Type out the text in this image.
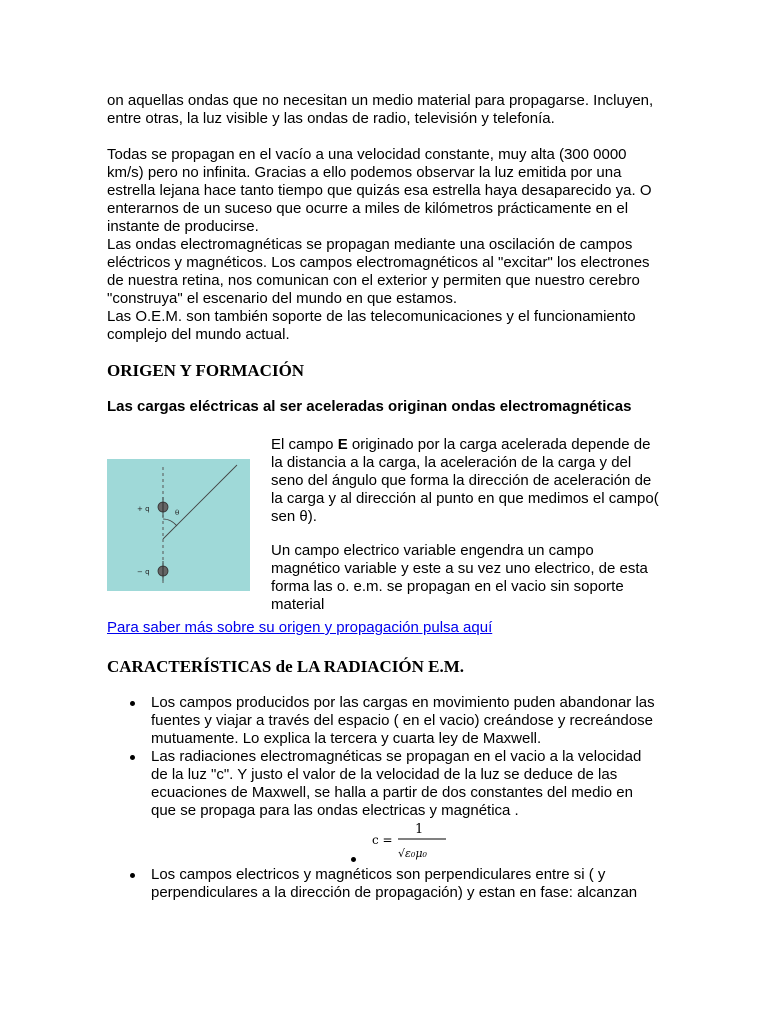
on aquellas ondas que no necesitan un medio material para propagarse. Incluyen, entre otras, la luz visible y las ondas de radio, televisión y telefonía.

Todas se propagan en el vacío a una velocidad constante, muy alta (300 0000 km/s) pero no infinita. Gracias a ello podemos observar la luz emitida por una estrella lejana hace tanto tiempo que quizás esa estrella haya desaparecido ya. O enterarnos de un suceso que ocurre a miles de kilómetros prácticamente en el instante de producirse.

Las ondas electromagnéticas se propagan mediante una oscilación de campos eléctricos y magnéticos. Los campos electromagnéticos al "excitar" los electrones de nuestra retina, nos comunican con el exterior y permiten que nuestro cerebro "construya" el escenario del mundo en que estamos.

Las O.E.M. son también soporte de las telecomunicaciones y el funcionamiento complejo del mundo actual.

ORIGEN Y FORMACIÓN
Las cargas eléctricas al ser aceleradas originan ondas electromagnéticas
θ
+ q
− q

El campo E originado por la carga acelerada depende de la distancia a la carga, la aceleración de la carga y del seno del ángulo que forma la dirección de aceleración de la carga y al dirección al punto en que medimos el campo( sen θ).

Un campo electrico variable engendra un campo magnético variable y este a su vez uno electrico, de esta forma las o. e.m. se propagan en el vacio sin soporte material

Para saber más sobre su origen y propagación pulsa aquí
CARACTERÍSTICAS de LA RADIACIÓN E.M.
Los campos producidos por las cargas en movimiento puden abandonar las fuentes y viajar a través del espacio ( en el vacio) creándose y recreándose mutuamente. Lo explica la tercera y cuarta ley de Maxwell.
Las radiaciones electromagnéticas se propagan en el vacio a la velocidad de la luz "c". Y justo el valor de la velocidad de la luz se deduce de las ecuaciones de Maxwell, se halla a partir de dos constantes del medio en que se propaga para las ondas electricas y magnética .
Los campos electricos y magnéticos son perpendiculares entre si ( y perpendiculares a la dirección de propagación) y estan en fase: alcanzan
c =
1
√ε₀μ₀
